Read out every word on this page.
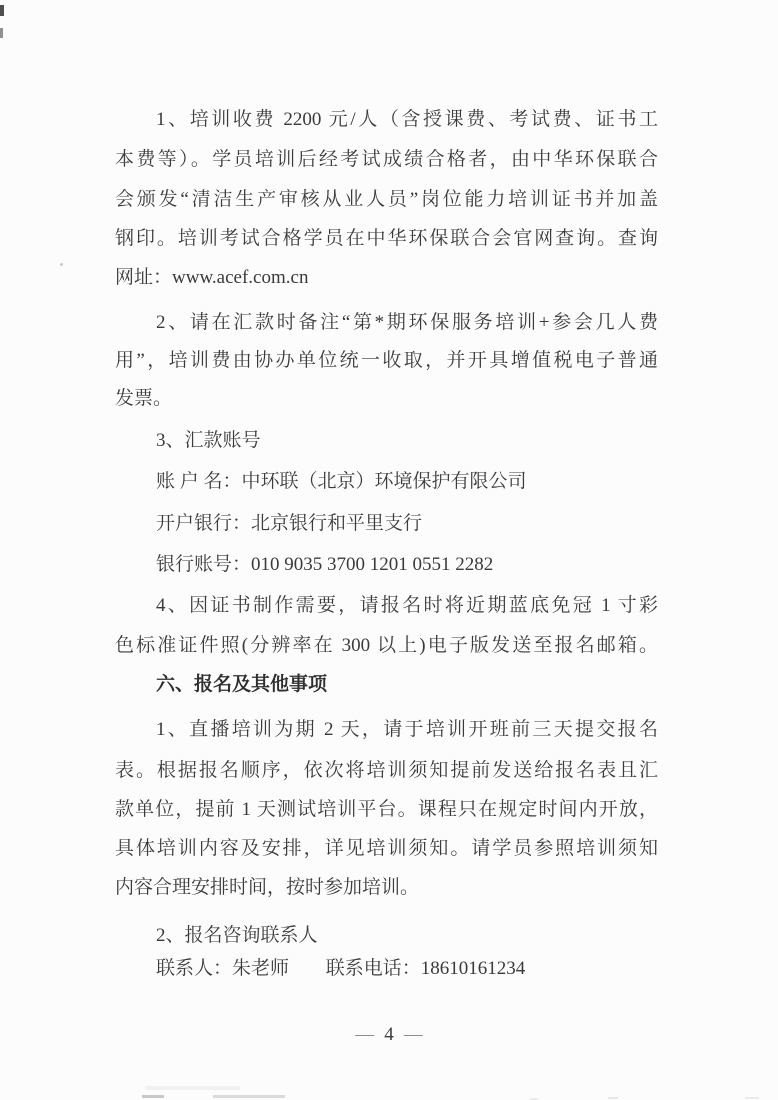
1、培训收费 2200 元/人（含授课费、考试费、证书工
本费等）。学员培训后经考试成绩合格者，由中华环保联合
会颁发“清洁生产审核从业人员”岗位能力培训证书并加盖
钢印。培训考试合格学员在中华环保联合会官网查询。查询
网址：www.acef.com.cn
2、请在汇款时备注“第*期环保服务培训+参会几人费
用”，培训费由协办单位统一收取，并开具增值税电子普通
发票。
3、汇款账号
账 户 名：中环联（北京）环境保护有限公司
开户银行：北京银行和平里支行
银行账号：010 9035 3700 1201 0551 2282
4、因证书制作需要，请报名时将近期蓝底免冠 1 寸彩
色标准证件照(分辨率在 300 以上)电子版发送至报名邮箱。
六、报名及其他事项
1、直播培训为期 2 天，请于培训开班前三天提交报名
表。根据报名顺序，依次将培训须知提前发送给报名表且汇
款单位，提前 1 天测试培训平台。课程只在规定时间内开放，
具体培训内容及安排，详见培训须知。请学员参照培训须知
内容合理安排时间，按时参加培训。
2、报名咨询联系人
联系人：朱老师 联系电话：18610161234
— 4 —
